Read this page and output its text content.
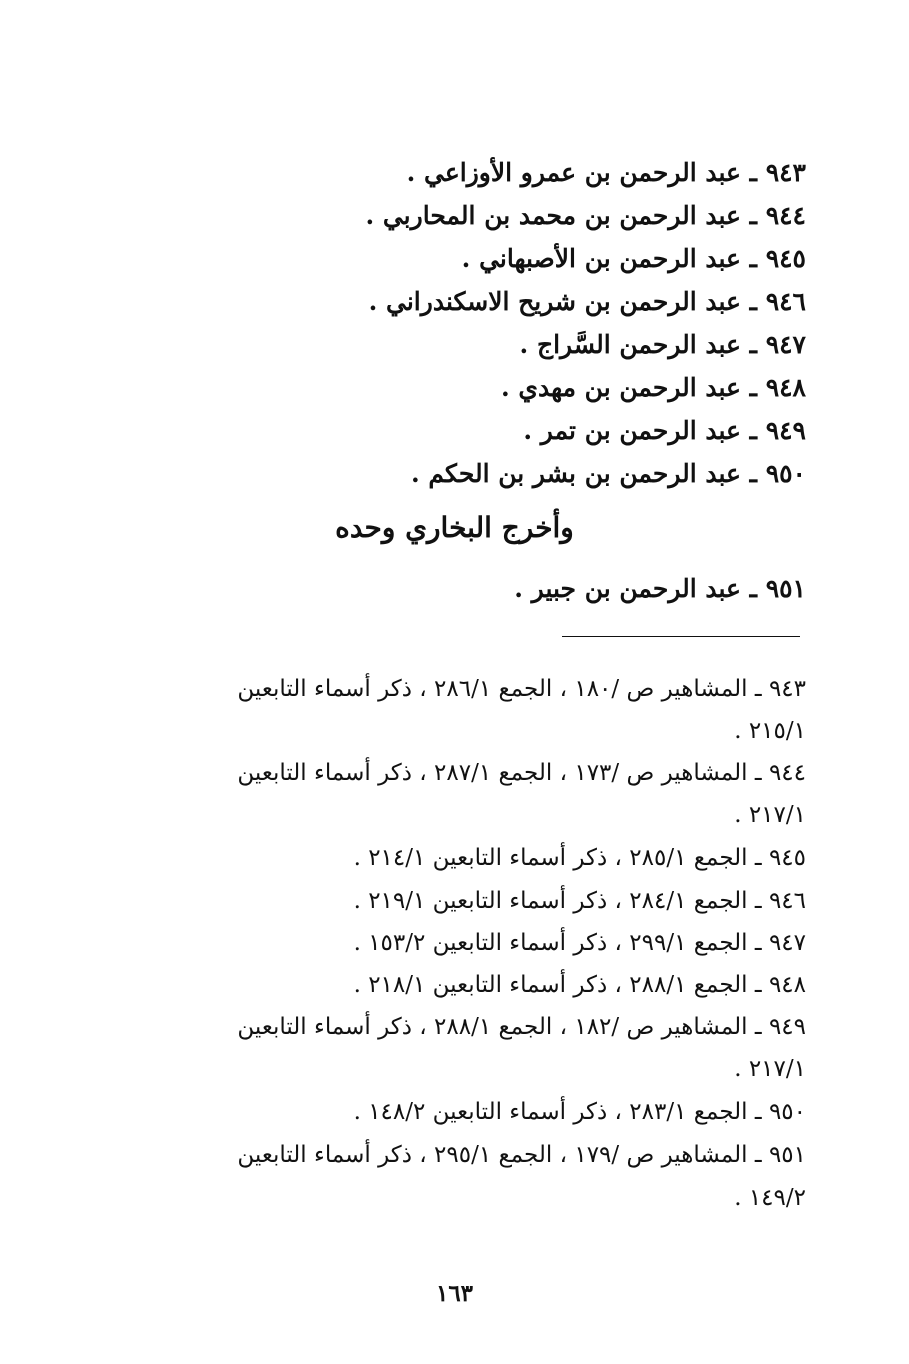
٩٤٣ ـ عبد الرحمن بن عمرو الأوزاعي .
٩٤٤ ـ عبد الرحمن بن محمد بن المحاربي .
٩٤٥ ـ عبد الرحمن بن الأصبهاني .
٩٤٦ ـ عبد الرحمن بن شريح الاسكندراني .
٩٤٧ ـ عبد الرحمن السَّراج .
٩٤٨ ـ عبد الرحمن بن مهدي .
٩٤٩ ـ عبد الرحمن بن تمر .
٩٥٠ ـ عبد الرحمن بن بشر بن الحكم .
وأخرج البخاري وحده
٩٥١ ـ عبد الرحمن بن جبير .
٩٤٣ ـ المشاهير ص /١٨٠ ، الجمع ٢٨٦/١ ، ذكر أسماء التابعين
٢١٥/١ .
٩٤٤ ـ المشاهير ص /١٧٣ ، الجمع ٢٨٧/١ ، ذكر أسماء التابعين
٢١٧/١ .
٩٤٥ ـ الجمع ٢٨٥/١ ، ذكر أسماء التابعين ٢١٤/١ .
٩٤٦ ـ الجمع ٢٨٤/١ ، ذكر أسماء التابعين ٢١٩/١ .
٩٤٧ ـ الجمع ٢٩٩/١ ، ذكر أسماء التابعين ١٥٣/٢ .
٩٤٨ ـ الجمع ٢٨٨/١ ، ذكر أسماء التابعين ٢١٨/١ .
٩٤٩ ـ المشاهير ص /١٨٢ ، الجمع ٢٨٨/١ ، ذكر أسماء التابعين
٢١٧/١ .
٩٥٠ ـ الجمع ٢٨٣/١ ، ذكر أسماء التابعين ١٤٨/٢ .
٩٥١ ـ المشاهير ص /١٧٩ ، الجمع ٢٩٥/١ ، ذكر أسماء التابعين
١٤٩/٢ .
١٦٣
